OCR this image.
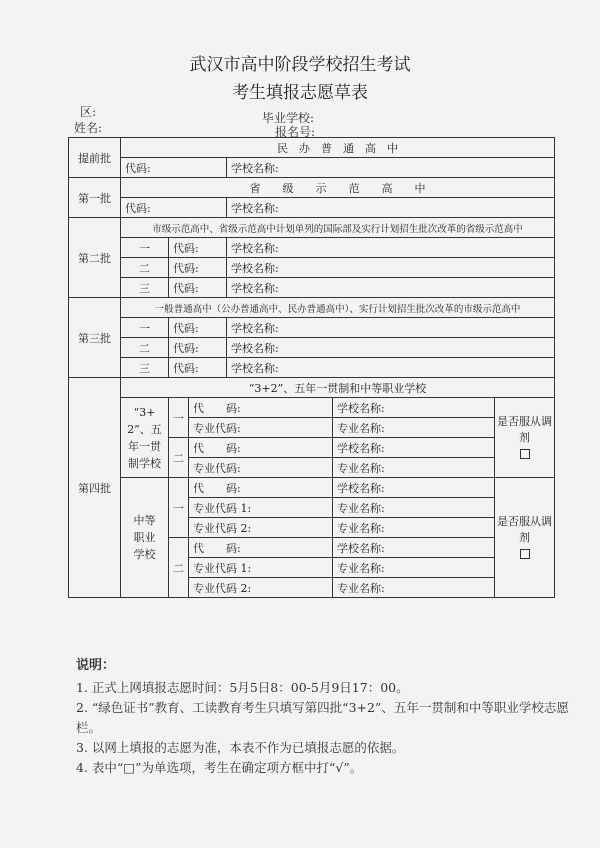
武汉市高中阶段学校招生考试
考生填报志愿草表
区:	毕业学校:
姓名:	报名号:
提前批	民　办　普　通　高　中					
	代码:			学校名称:		
第一批	省　　级　　示　　范　　高　　中					
	代码:			学校名称:		
第二批	市级示范高中、省级示范高中计划单列的国际部及实行计划招生批次改革的省级示范高中					
	一	代码:		学校名称:		
	二	代码:		学校名称:		
	三	代码:		学校名称:		
第三批	一般普通高中（公办普通高中、民办普通高中）、实行计划招生批次改革的市级示范高中					
	一	代码:		学校名称:		
	二	代码:		学校名称:		
	三	代码:		学校名称:		
第四批	“3+2”、五年一贯制和中等职业学校					

	“3+2”、五年一贯制学校	一	代　　码:		学校名称:	是否服从调剂

			专业代码:		专业名称:	
		二	代　　码:		学校名称:	
			专业代码:		专业名称:	

	中等职业学校	一	代　　码:		学校名称:	是否服从调剂

			专业代码 1:		专业名称:	
			专业代码 2:		专业名称:	
		二	代　　码:		学校名称:	
			专业代码 1:		专业名称:	
			专业代码 2:		专业名称:	
说明：
1. 正式上网填报志愿时间：5月5日8：00-5月9日17：00。
2. “绿色证书”教育、工读教育考生只填写第四批“3+2”、五年一贯制和中等职业学校志愿栏。
3. 以网上填报的志愿为准，本表不作为已填报志愿的依据。
4. 表中“□”为单选项，考生在确定项方框中打“√”。
